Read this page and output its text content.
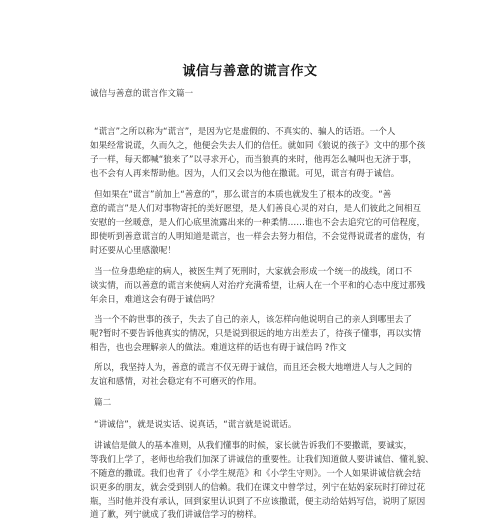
诚信与善意的谎言作文
诚信与善意的谎言作文篇一
“谎言”之所以称为“谎言”，是因为它是虚假的、不真实的、骗人的话语。一个人
如果经常说谎，久而久之，他便会失去人们的信任。就如同《狼说的孩子》文中的那个孩
子一样，每天都喊“狼来了”以寻求开心，而当狼真的来时，他再怎么喊叫也无济于事，
也不会有人再来帮助他。因为，人们又会以为他在撒谎。可见，谎言有碍于诚信。
但如果在“谎言”前加上“善意的”，那么谎言的本质也就发生了根本的改变。“善
意的谎言”是人们对事物寄托的美好愿望，是人们善良心灵的对白，是人们彼此之间相互
安慰的一丝暖意，是人们心底里流露出来的一种柔情……谁也不会去追究它的可信程度，
即使听到善意谎言的人明知道是谎言，也一样会去努力相信，不会觉得说谎者的虚伪，有
时还要从心里感激呢！
当一位身患绝症的病人，被医生判了死刑时，大家就会形成一个统一的战线，闭口不
谈实情，而以善意的谎言来使病人对治疗充满希望，让病人在一个平和的心态中度过那残
年余日，难道这会有碍于诚信吗？
当一个不韵世事的孩子，失去了自己的亲人，该怎样向他说明自己的亲人到哪里去了
呢?暂时不要告诉他真实的情况，只是说到很远的地方出差去了，待孩子懂事，再以实情
相告，也也会理解亲人的做法。难道这样的话也有碍于诚信吗 ?作文
所以，我坚持人为，善意的谎言不仅无碍于诚信，而且还会极大地增进人与人之间的
友谊和感情，对社会稳定有不可磨灭的作用。
篇二
“讲诚信”，就是说实话、说真话，“谎言就是说谎话。
讲诚信是做人的基本准则，从我们懂事的时候，家长就告诉我们不要撒谎，要诚实，
等我们上学了，老师也给我们加深了讲诚信的重要性。让我们知道做人要讲诚信、懂礼貌、
不随意的撒谎。我们也背了《小学生规范》和《小学生守则》。一个人如果讲诚信就会结
识更多的朋友，就会受到别人的信赖。我们在课文中曾学过，列宁在姑妈家玩时打碎过花
瓶，当时他并没有承认，回到家里认识到了不应该撒谎，便主动给姑妈写信，说明了原因
道了歉，列宁就成了我们讲诚信学习的榜样。
